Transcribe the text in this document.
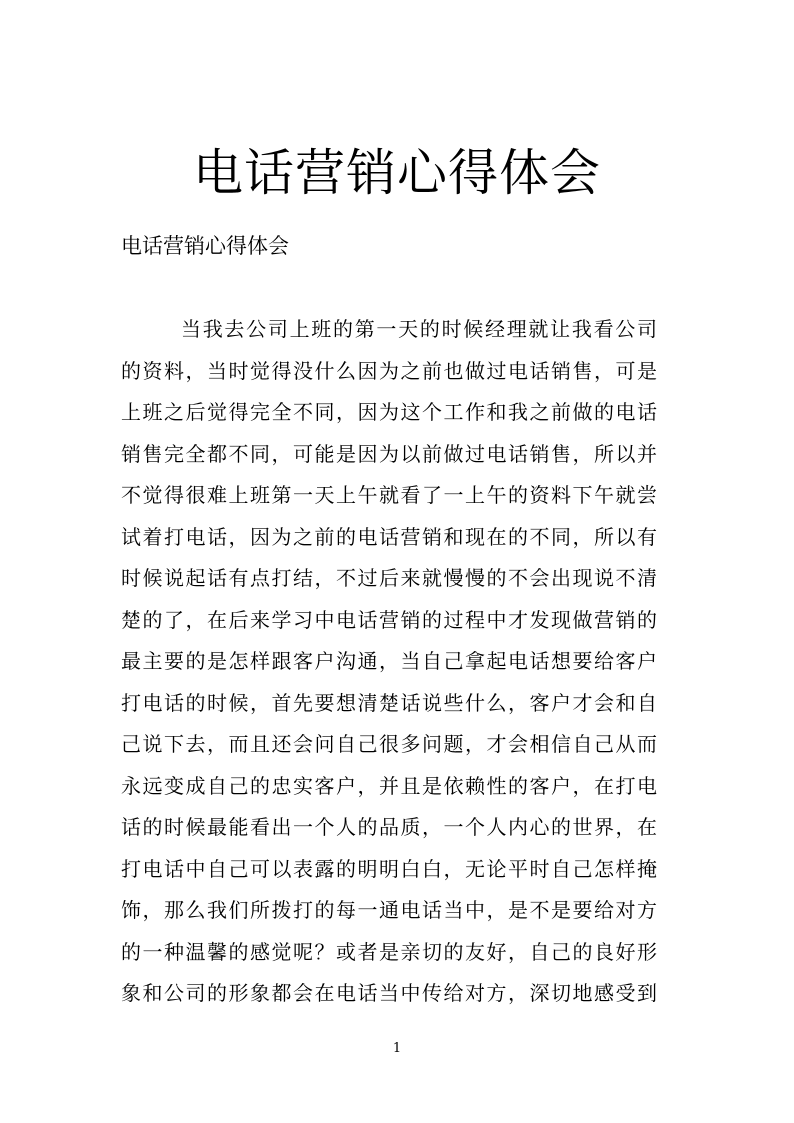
电话营销心得体会

电话营销心得体会

当我去公司上班的第一天的时候经理就让我看公司
的资料，当时觉得没什么因为之前也做过电话销售，可是
上班之后觉得完全不同，因为这个工作和我之前做的电话
销售完全都不同，可能是因为以前做过电话销售，所以并
不觉得很难上班第一天上午就看了一上午的资料下午就尝
试着打电话，因为之前的电话营销和现在的不同，所以有
时候说起话有点打结，不过后来就慢慢的不会出现说不清
楚的了，在后来学习中电话营销的过程中才发现做营销的
最主要的是怎样跟客户沟通，当自己拿起电话想要给客户
打电话的时候，首先要想清楚话说些什么，客户才会和自
己说下去，而且还会问自己很多问题，才会相信自己从而
永远变成自己的忠实客户，并且是依赖性的客户，在打电
话的时候最能看出一个人的品质，一个人内心的世界，在
打电话中自己可以表露的明明白白，无论平时自己怎样掩
饰，那么我们所拨打的每一通电话当中，是不是要给对方
的一种温馨的感觉呢？或者是亲切的友好，自己的良好形
象和公司的形象都会在电话当中传给对方，深切地感受到

1
